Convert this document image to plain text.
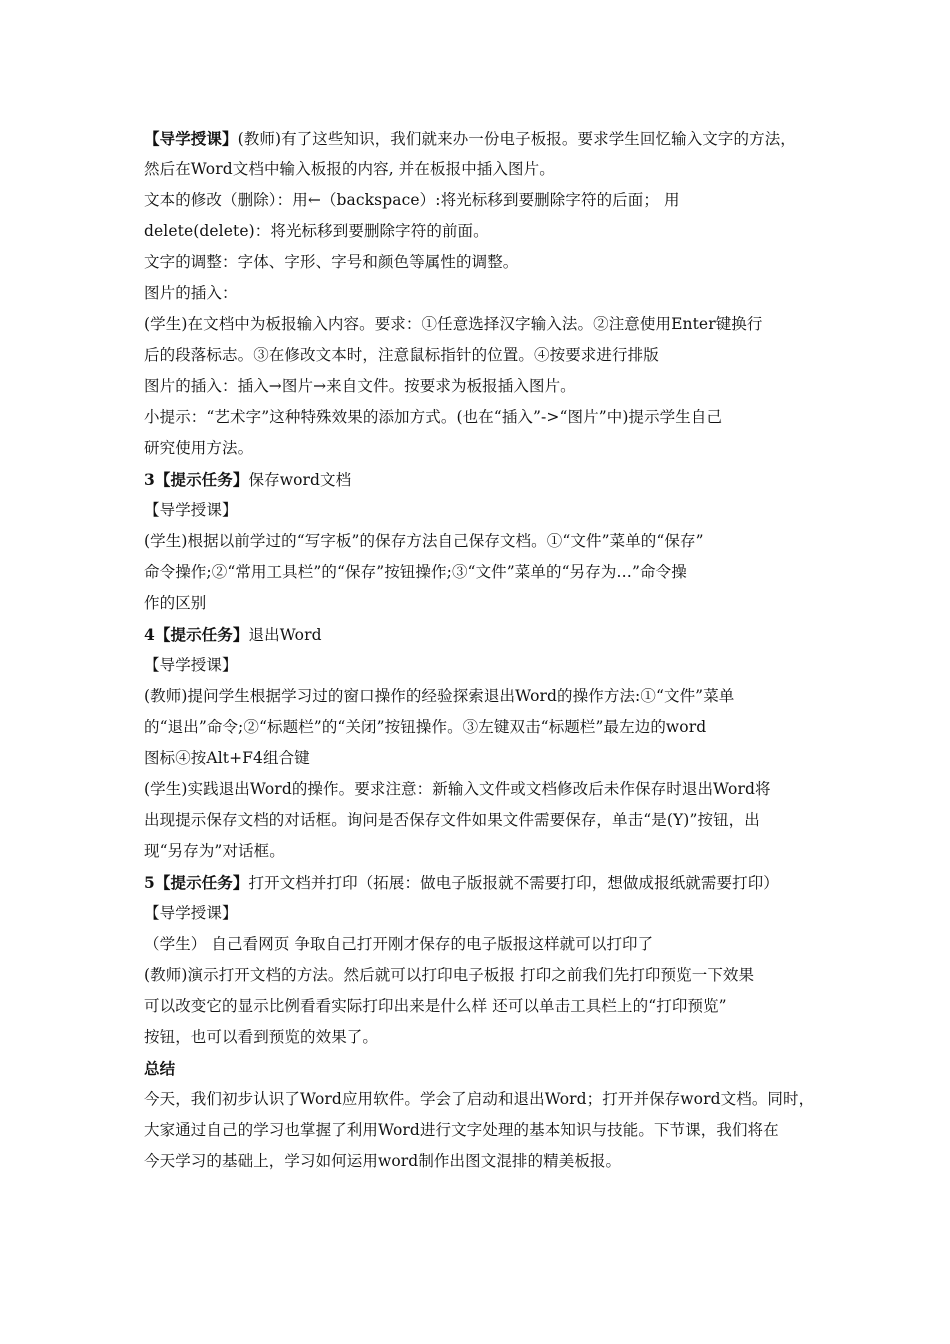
【导学授课】(教师)有了这些知识，我们就来办一份电子板报。要求学生回忆输入文字的方法，
然后在Word文档中输入板报的内容, 并在板报中插入图片。
文本的修改（删除）：用←（backspace）:将光标移到要删除字符的后面； 用
delete(delete)：将光标移到要删除字符的前面。
文字的调整：字体、字形、字号和颜色等属性的调整。
图片的插入：
(学生)在文档中为板报输入内容。要求：①任意选择汉字输入法。②注意使用Enter键换行
后的段落标志。③在修改文本时，注意鼠标指针的位置。④按要求进行排版
图片的插入：插入→图片→来自文件。按要求为板报插入图片。
小提示：“艺术字”这种特殊效果的添加方式。(也在“插入”->“图片”中)提示学生自己
研究使用方法。
3【提示任务】保存word文档
【导学授课】
(学生)根据以前学过的“写字板”的保存方法自己保存文档。①“文件”菜单的“保存”
命令操作;②“常用工具栏”的“保存”按钮操作;③“文件”菜单的“另存为…”命令操
作的区别
4【提示任务】退出Word
【导学授课】
(教师)提问学生根据学习过的窗口操作的经验探索退出Word的操作方法:①“文件”菜单
的“退出”命令;②“标题栏”的“关闭”按钮操作。③左键双击“标题栏”最左边的word
图标④按Alt+F4组合键
(学生)实践退出Word的操作。要求注意：新输入文件或文档修改后未作保存时退出Word将
出现提示保存文档的对话框。询问是否保存文件如果文件需要保存，单击“是(Y)”按钮，出
现“另存为”对话框。
5【提示任务】打开文档并打印（拓展：做电子版报就不需要打印，想做成报纸就需要打印）
【导学授课】
（学生） 自己看网页 争取自己打开刚才保存的电子版报这样就可以打印了
(教师)演示打开文档的方法。然后就可以打印电子板报 打印之前我们先打印预览一下效果
可以改变它的显示比例看看实际打印出来是什么样 还可以单击工具栏上的“打印预览”
按钮，也可以看到预览的效果了。
总结
今天，我们初步认识了Word应用软件。学会了启动和退出Word；打开并保存word文档。同时，
大家通过自己的学习也掌握了利用Word进行文字处理的基本知识与技能。下节课，我们将在
今天学习的基础上，学习如何运用word制作出图文混排的精美板报。
